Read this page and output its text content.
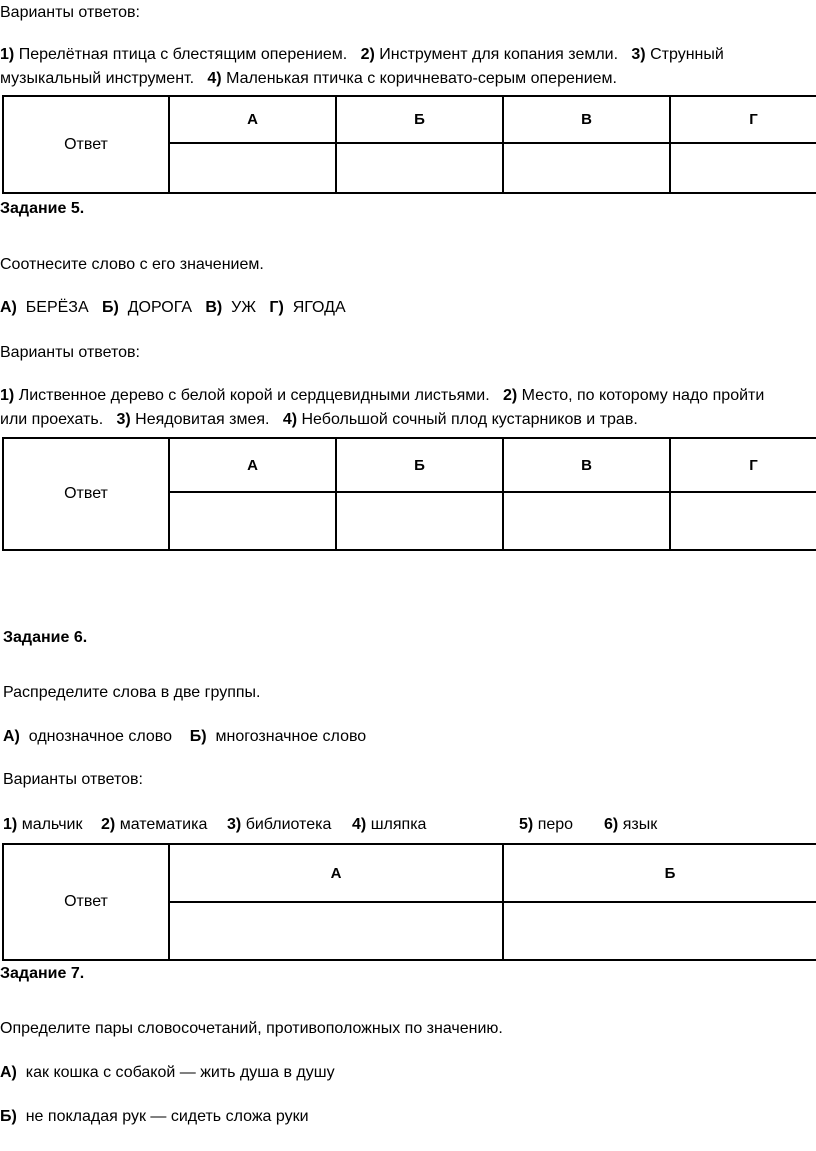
Варианты ответов:
1) Перелётная птица с блестящим оперением. 2) Инструмент для копания земли. 3) Струнный
музыкальный инструмент. 4) Маленькая птичка с коричневато-серым оперением.
Ответ	А	Б	В	Г

Задание 5.
Соотнесите слово с его значением.
А) БЕРЁЗА Б) ДОРОГА В) УЖ Г) ЯГОДА
Варианты ответов:
1) Лиственное дерево с белой корой и сердцевидными листьями. 2) Место, по которому надо пройти
или проехать. 3) Неядовитая змея. 4) Небольшой сочный плод кустарников и трав.
Ответ	А	Б	В	Г

Задание 6.
Распределите слова в две группы.
А) однозначное слово Б) многозначное слово
Варианты ответов:
1) мальчик 2) математика 3) библиотека 4) шляпка	5) перо 6) язык
Ответ	А	Б

Задание 7.
Определите пары словосочетаний, противоположных по значению.
А) как кошка с собакой — жить душа в душу
Б) не покладая рук — сидеть сложа руки
